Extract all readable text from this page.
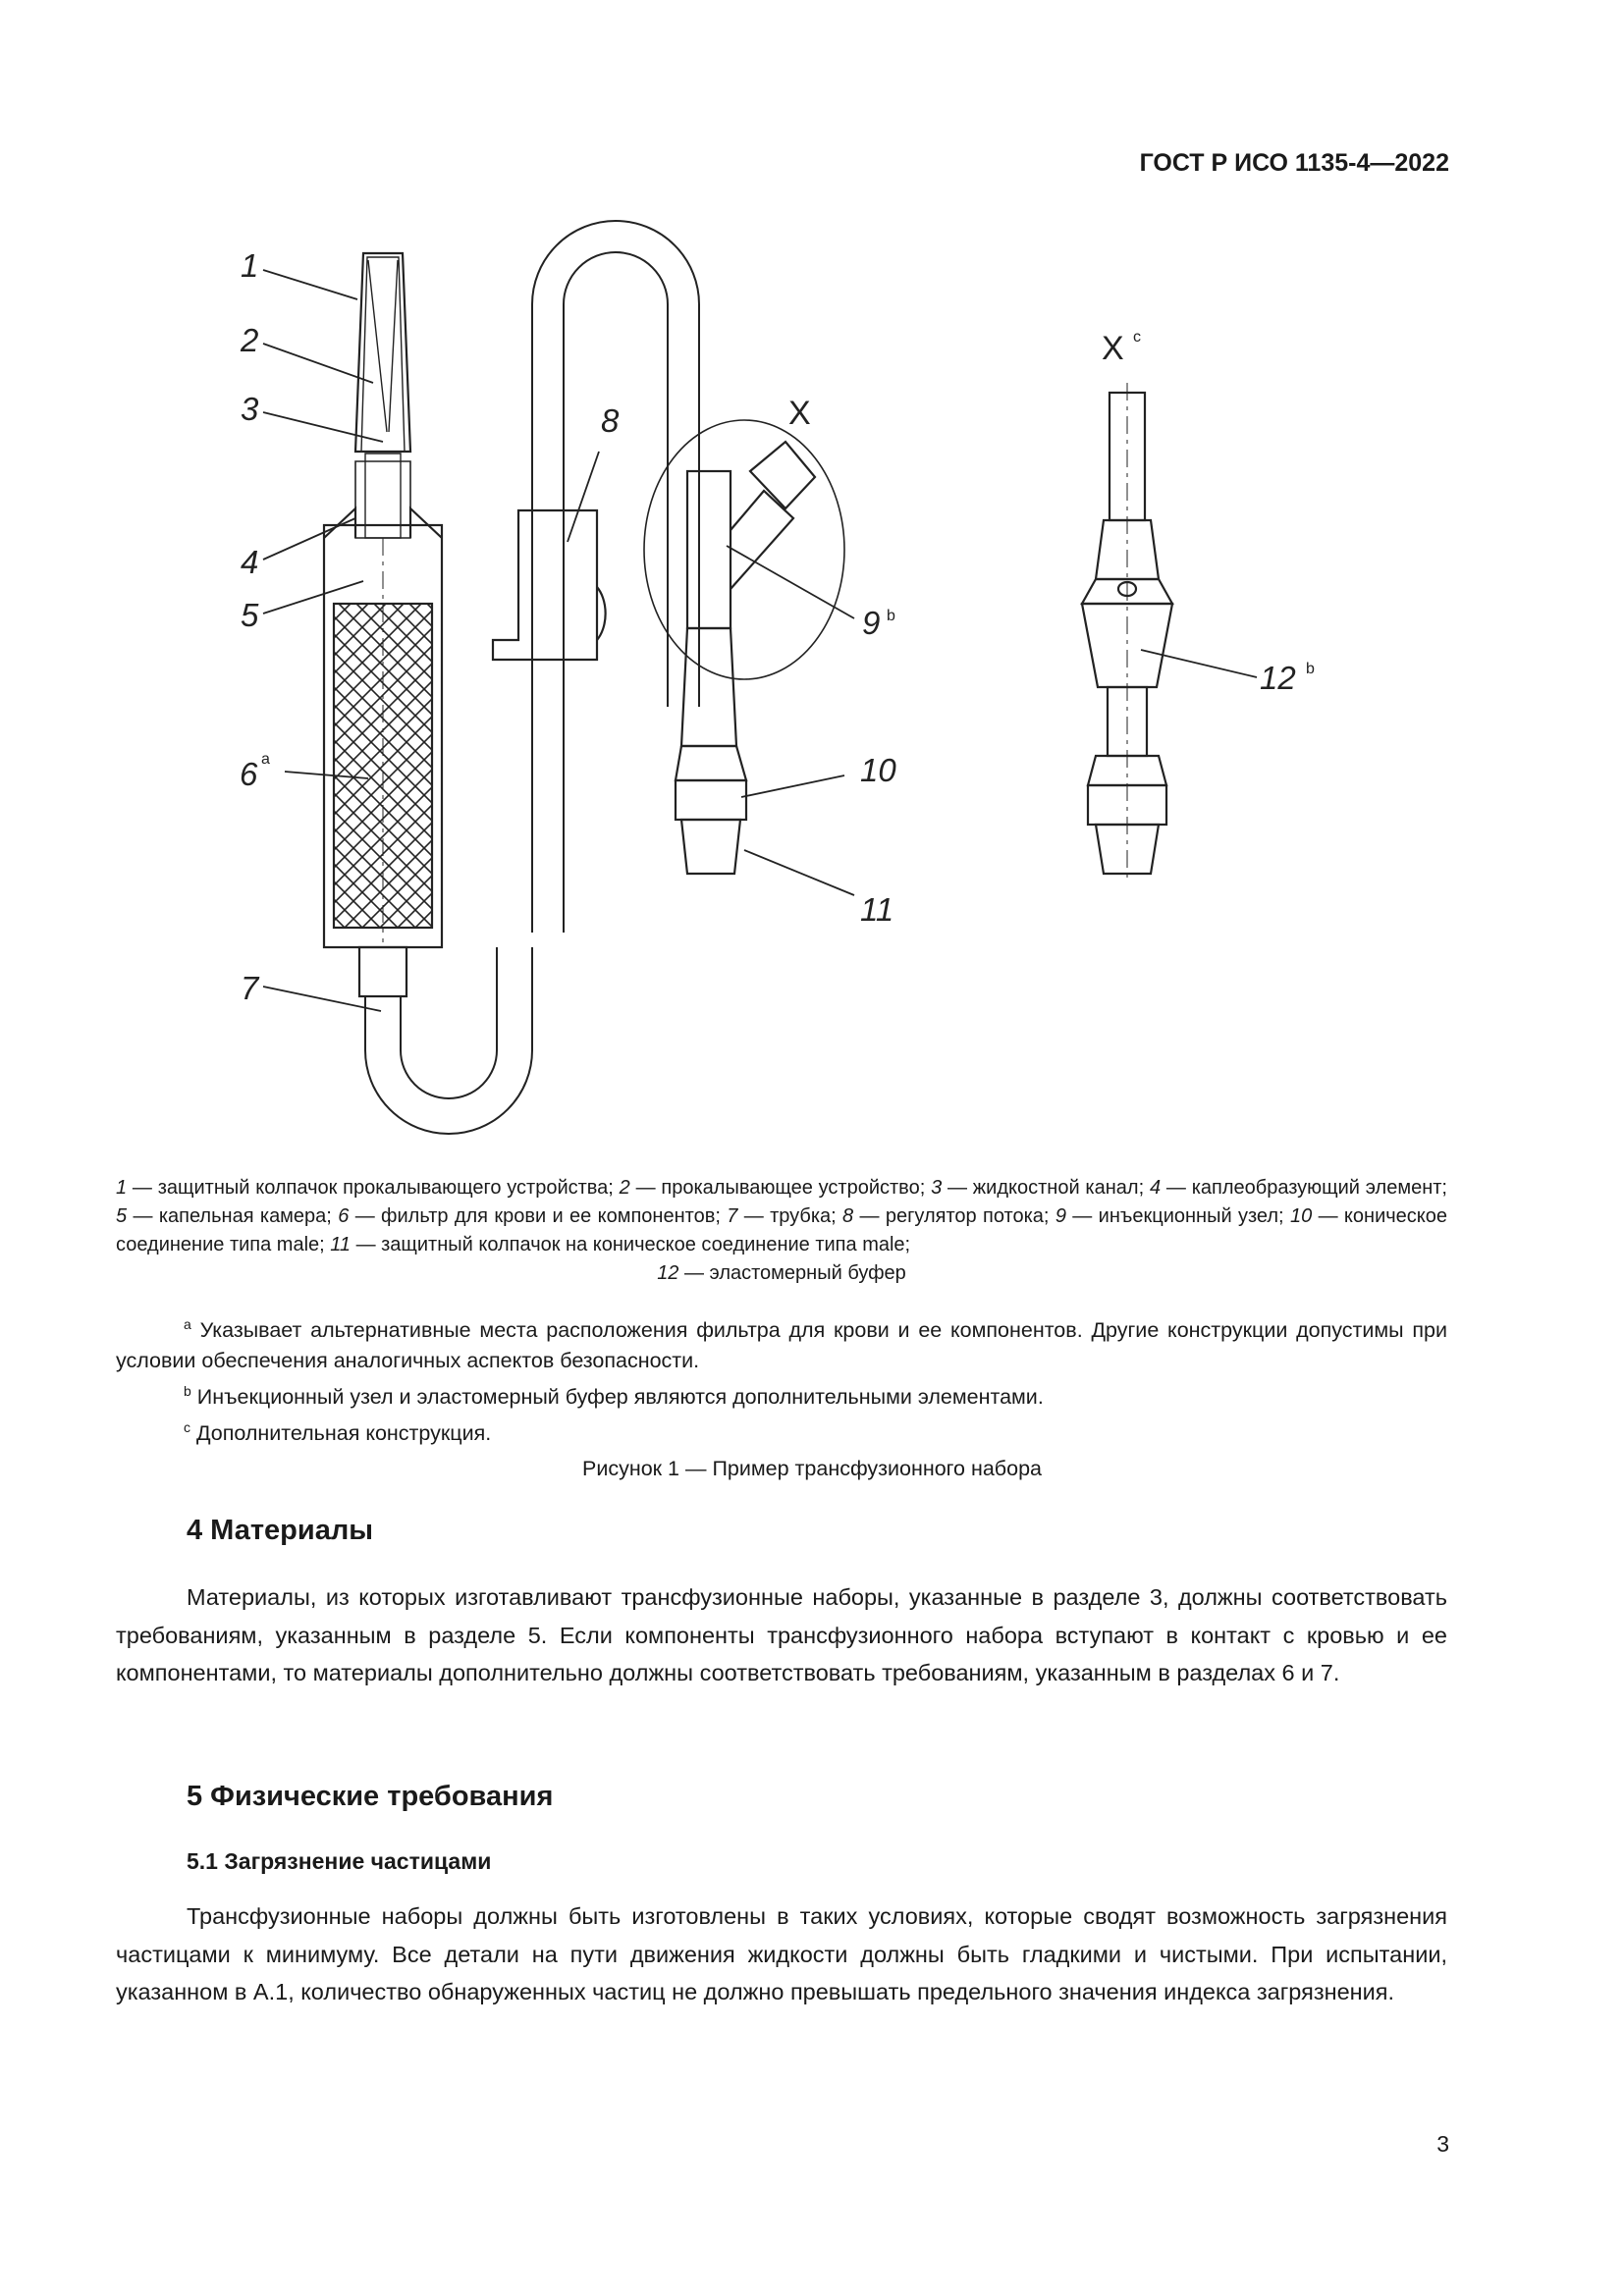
ГОСТ Р ИСО 1135-4—2022
1
2
3
4
5
6 a
7
8
9 b
10
11
12 b
X
X c
1 — защитный колпачок прокалывающего устройства; 2 — прокалывающее устройство; 3 — жидкостной канал; 4 — каплеобразующий элемент; 5 — капельная камера; 6 — фильтр для крови и ее компонентов; 7 — трубка; 8 — регулятор потока; 9 — инъекционный узел; 10 — коническое соединение типа male; 11 — защитный колпачок на коническое соединение типа male;
12 — эластомерный буфер

$^a$ Указывает альтернативные места расположения фильтра для крови и ее компонентов. Другие конструкции допустимы при условии обеспечения аналогичных аспектов безопасности.

$^b$ Инъекционный узел и эластомерный буфер являются дополнительными элементами.

$^c$ Дополнительная конструкция.

Рисунок 1 — Пример трансфузионного набора
4 Материалы

Материалы, из которых изготавливают трансфузионные наборы, указанные в разделе 3, должны соответствовать требованиям, указанным в разделе 5. Если компоненты трансфузионного набора вступают в контакт с кровью и ее компонентами, то материалы дополнительно должны соответствовать требованиям, указанным в разделах 6 и 7.

5 Физические требования
5.1 Загрязнение частицами

Трансфузионные наборы должны быть изготовлены в таких условиях, которые сводят возможность загрязнения частицами к минимуму. Все детали на пути движения жидкости должны быть гладкими и чистыми. При испытании, указанном в А.1, количество обнаруженных частиц не должно превышать предельного значения индекса загрязнения.

3
